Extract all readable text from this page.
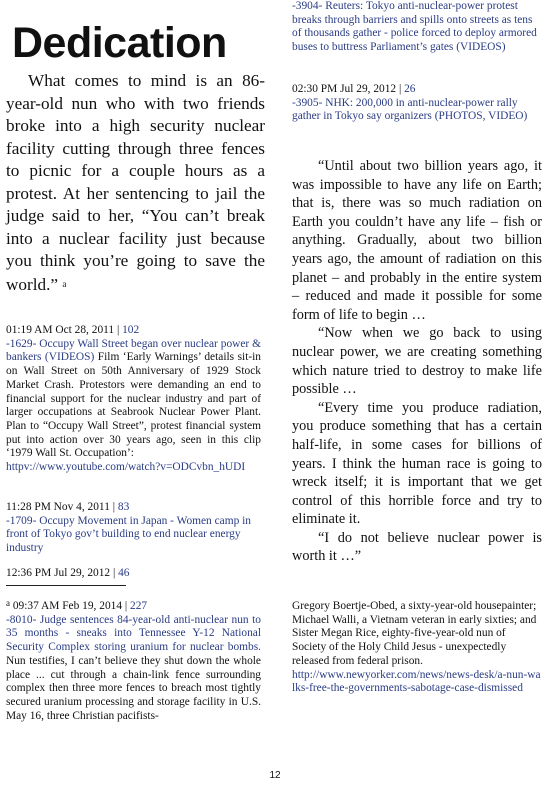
Dedication
What comes to mind is an 86-year-old nun who with two friends broke into a high security nuclear facility cutting through three fences to picnic for a couple hours as a protest. At her sentencing to jail the judge said to her, “You can’t break into a nuclear facility just because you think you’re going to save the world.” $^a$
01:19 AM Oct 28, 2011 | 102
-1629- Occupy Wall Street began over nuclear power & bankers (VIDEOS) Film ‘Early Warnings’ details sit-in on Wall Street on 50th Anniversary of 1929 Stock Market Crash. Protestors were demanding an end to financial support for the nuclear industry and part of larger occupations at Seabrook Nuclear Power Plant. Plan to “Occupy Wall Street”, protest financial system put into action over 30 years ago, seen in this clip ‘1979 Wall St. Occupation’:
httpv://www.youtube.com/watch?v=ODCvbn_hUDI
11:28 PM Nov 4, 2011 | 83
-1709- Occupy Movement in Japan - Women camp in front of Tokyo gov’t building to end nuclear energy industry
12:36 PM Jul 29, 2012 | 46
$^a$ 09:37 AM Feb 19, 2014 | 227
-8010- Judge sentences 84-year-old anti-nuclear nun to 35 months - sneaks into Tennessee Y-12 National Security Complex storing uranium for nuclear bombs. Nun testifies, I can’t believe they shut down the whole place ... cut through a chain-link fence surrounding complex then three more fences to breach most tightly secured uranium processing and storage facility in U.S. May 16, three Christian pacifists-
-3904- Reuters: Tokyo anti-nuclear-power protest breaks through barriers and spills onto streets as tens of thousands gather - police forced to deploy armored buses to buttress Parliament’s gates (VIDEOS)
02:30 PM Jul 29, 2012 | 26
-3905- NHK: 200,000 in anti-nuclear-power rally gather in Tokyo say organizers (PHOTOS, VIDEO)

“Until about two billion years ago, it was impossible to have any life on Earth; that is, there was so much radiation on Earth you couldn’t have any life – fish or anything. Gradually, about two billion years ago, the amount of radiation on this planet – and probably in the entire system – reduced and made it possible for some form of life to begin …

“Now when we go back to using nuclear power, we are creating something which nature tried to destroy to make life possible …

“Every time you produce radiation, you produce something that has a certain half-life, in some cases for billions of years. I think the human race is going to wreck itself; it is important that we get control of this horrible force and try to eliminate it.

“I do not believe nuclear power is worth it …”

Gregory Boertje-Obed, a sixty-year-old housepainter; Michael Walli, a Vietnam veteran in early sixties; and Sister Megan Rice, eighty-five-year-old nun of Society of the Holy Child Jesus - unexpectedly released from federal prison.
http://www.newyorker.com/news/news-desk/a-nun-walks-free-the-governments-sabotage-case-dismissed
12
